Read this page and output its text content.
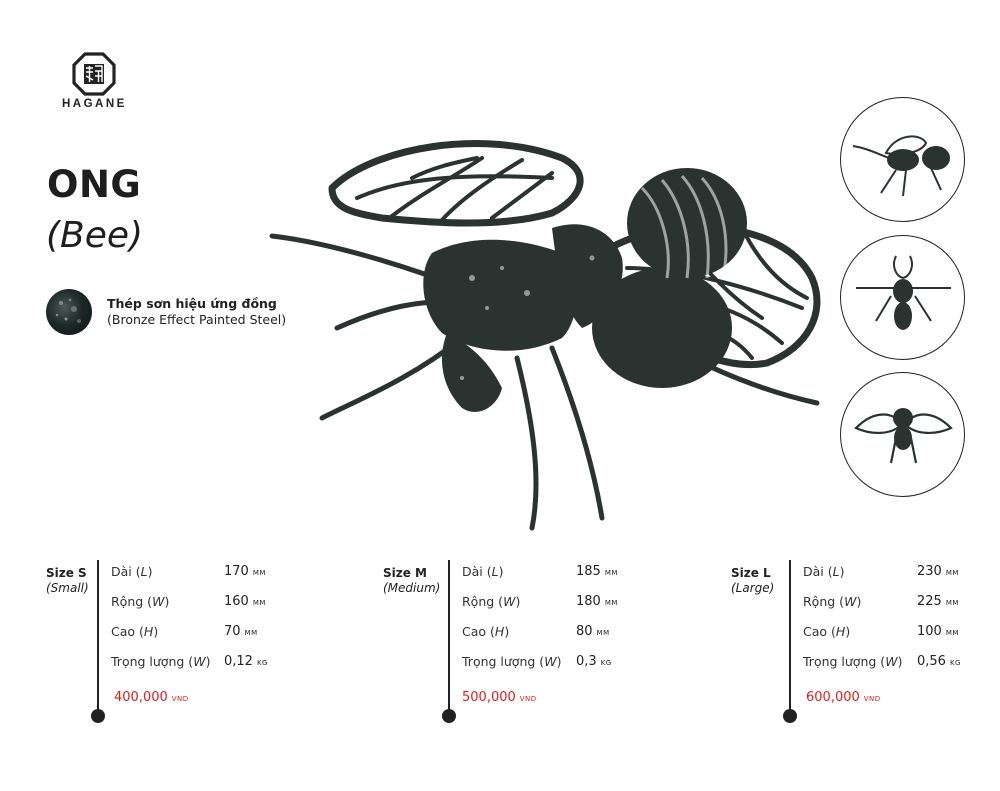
HAGANE
ONG
(Bee)
Thép sơn hiệu ứng đồng
(Bronze Effect Painted Steel)
Size S
(Small)
Dài (L)
Rộng (W)
Cao (H)
Trọng lượng (W)
170 MM
160 MM
70 MM
0,12 KG
400,000 VND
Size M
(Medium)
Dài (L)
Rộng (W)
Cao (H)
Trọng lượng (W)
185 MM
180 MM
80 MM
0,3 KG
500,000 VND
Size L
(Large)
Dài (L)
Rộng (W)
Cao (H)
Trọng lượng (W)
230 MM
225 MM
100 MM
0,56 KG
600,000 VND
